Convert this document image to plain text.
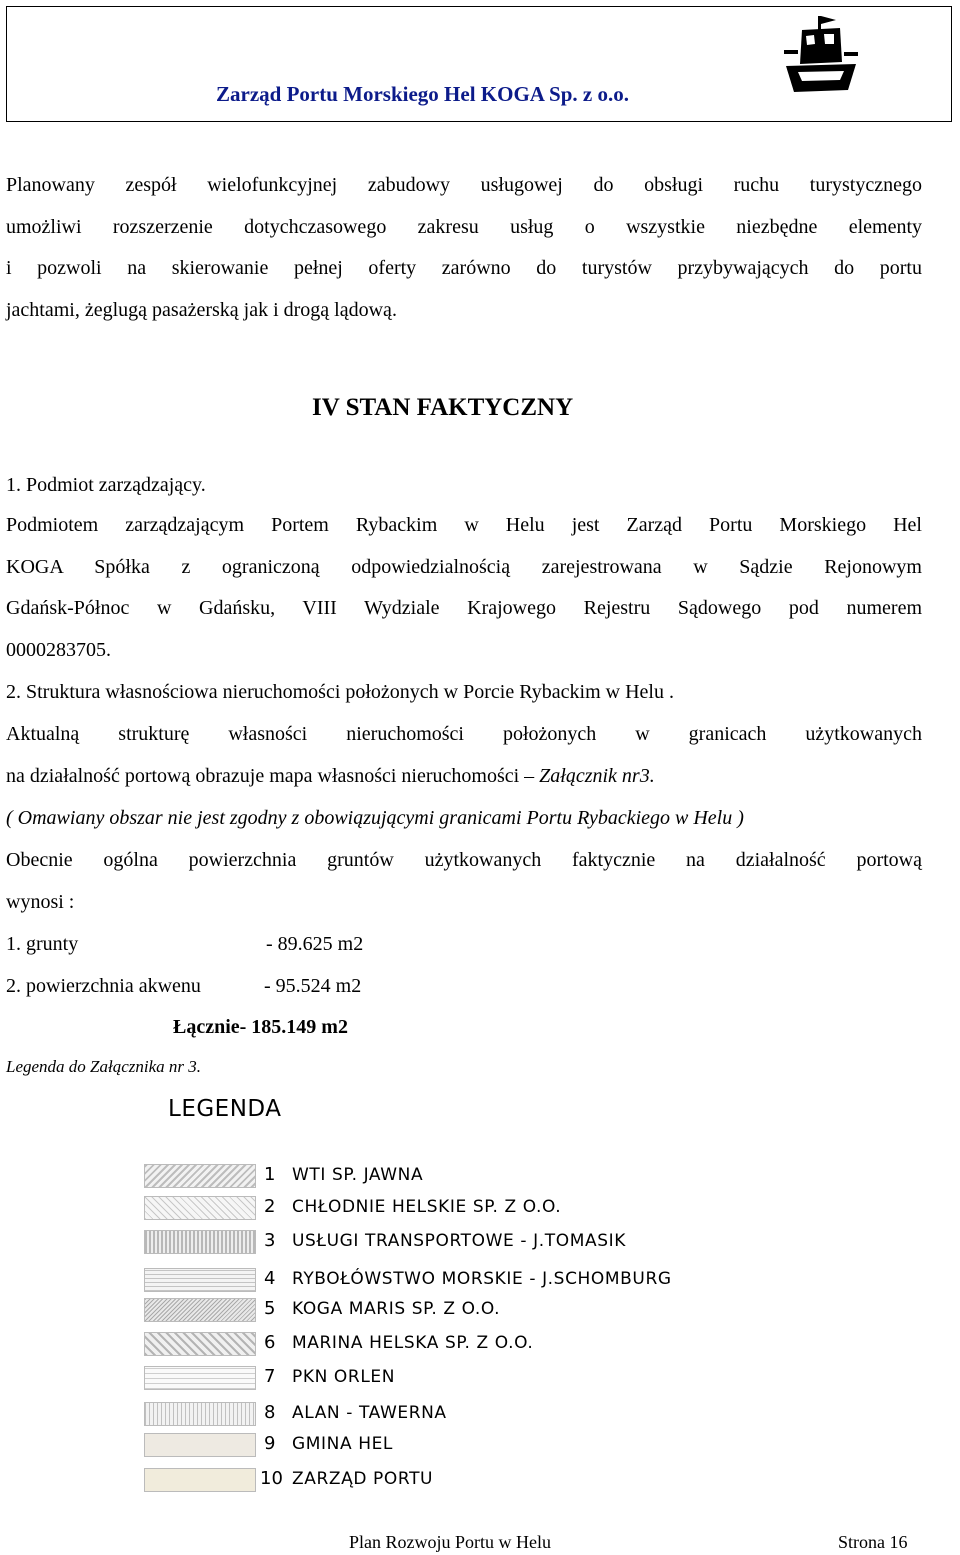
Zarząd Portu Morskiego Hel KOGA Sp. z o.o.
Planowany zespół wielofunkcyjnej zabudowy usługowej do obsługi ruchu turystycznego
umożliwi rozszerzenie dotychczasowego zakresu usług o wszystkie niezbędne elementy
i pozwoli na skierowanie pełnej oferty zarówno do turystów przybywających do portu
jachtami, żeglugą pasażerską jak i drogą lądową.
IV STAN FAKTYCZNY
1. Podmiot zarządzający.
Podmiotem zarządzającym Portem Rybackim w Helu jest Zarząd Portu Morskiego Hel
KOGA Spółka z ograniczoną odpowiedzialnością zarejestrowana w Sądzie Rejonowym
Gdańsk-Północ w Gdańsku, VIII Wydziale Krajowego Rejestru Sądowego pod numerem
0000283705.
2. Struktura własnościowa nieruchomości położonych w Porcie Rybackim w Helu .
Aktualną strukturę własności nieruchomości położonych w granicach użytkowanych
na działalność portową obrazuje mapa własności nieruchomości – Załącznik nr3.
( Omawiany obszar nie jest zgodny z obowiązującymi granicami Portu Rybackiego w Helu )
Obecnie ogólna powierzchnia gruntów użytkowanych faktycznie na działalność portową
wynosi :
1. grunty	- 89.625 m2
2. powierzchnia akwenu	- 95.524 m2
Łącznie- 185.149 m2
Legenda do Załącznika nr 3.
LEGENDA
1 WTI SP. JAWNA
2 CHŁODNIE HELSKIE SP. Z O.O.
3 USŁUGI TRANSPORTOWE - J.TOMASIK
4 RYBOŁÓWSTWO MORSKIE - J.SCHOMBURG
5 KOGA MARIS SP. Z O.O.
6 MARINA HELSKA SP. Z O.O.
7 PKN ORLEN
8 ALAN - TAWERNA
9 GMINA HEL
10 ZARZĄD PORTU
Plan Rozwoju Portu w Helu	Strona 16
